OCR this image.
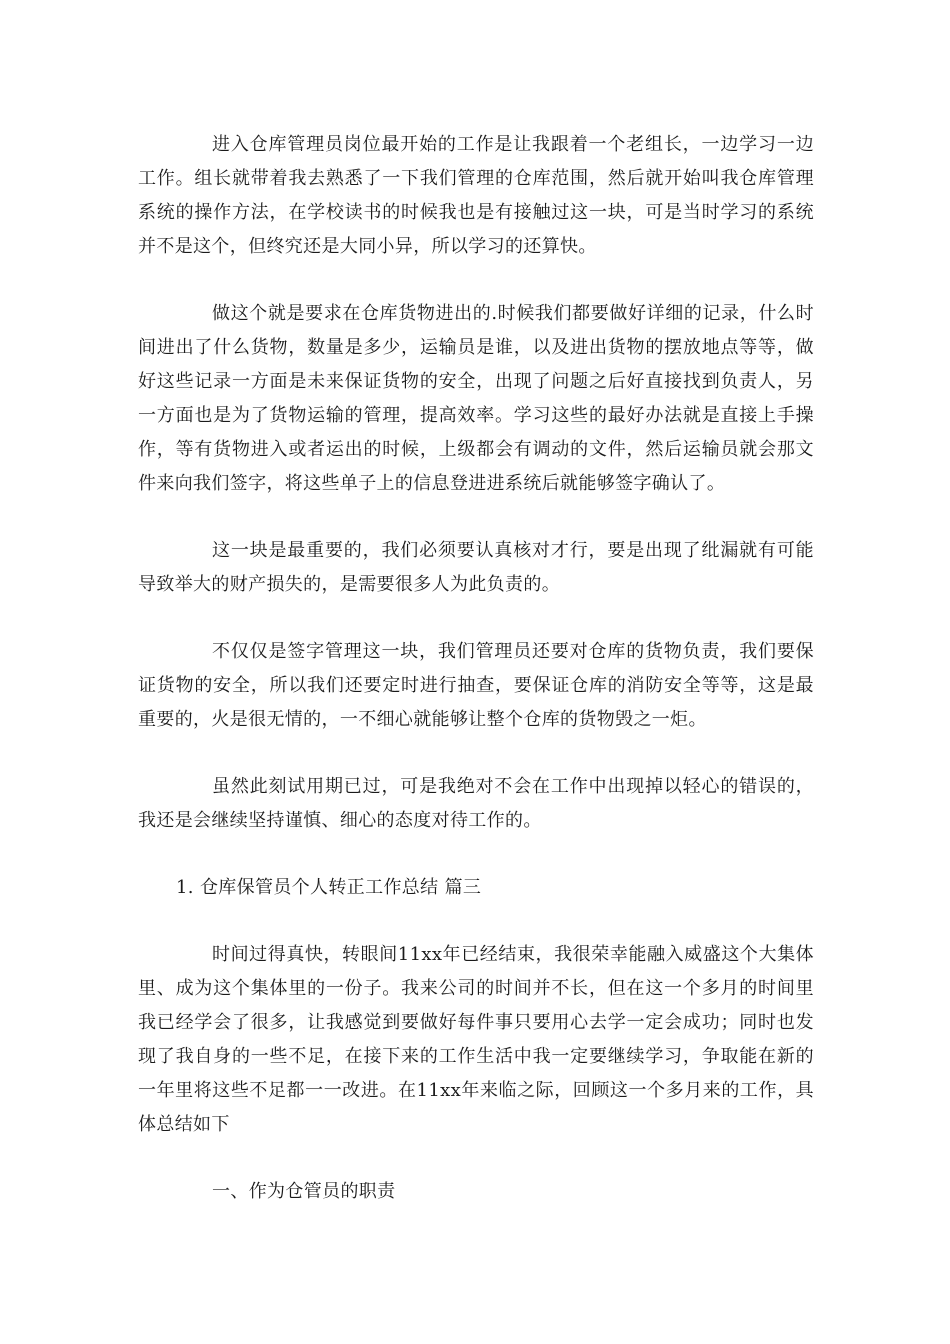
进入仓库管理员岗位最开始的工作是让我跟着一个老组长，一边学习一边工作。组长就带着我去熟悉了一下我们管理的仓库范围，然后就开始叫我仓库管理系统的操作方法，在学校读书的时候我也是有接触过这一块，可是当时学习的系统并不是这个，但终究还是大同小异，所以学习的还算快。

做这个就是要求在仓库货物进出的.时候我们都要做好详细的记录，什么时间进出了什么货物，数量是多少，运输员是谁，以及进出货物的摆放地点等等，做好这些记录一方面是未来保证货物的安全，出现了问题之后好直接找到负责人，另一方面也是为了货物运输的管理，提高效率。学习这些的最好办法就是直接上手操作，等有货物进入或者运出的时候，上级都会有调动的文件，然后运输员就会那文件来向我们签字，将这些单子上的信息登进进系统后就能够签字确认了。

这一块是最重要的，我们必须要认真核对才行，要是出现了纰漏就有可能导致举大的财产损失的，是需要很多人为此负责的。

不仅仅是签字管理这一块，我们管理员还要对仓库的货物负责，我们要保证货物的安全，所以我们还要定时进行抽查，要保证仓库的消防安全等等，这是最重要的，火是很无情的，一不细心就能够让整个仓库的货物毁之一炬。

虽然此刻试用期已过，可是我绝对不会在工作中出现掉以轻心的错误的，我还是会继续坚持谨慎、细心的态度对待工作的。

1. 仓库保管员个人转正工作总结 篇三

时间过得真快，转眼间11xx年已经结束，我很荣幸能融入威盛这个大集体里、成为这个集体里的一份子。我来公司的时间并不长，但在这一个多月的时间里我已经学会了很多，让我感觉到要做好每件事只要用心去学一定会成功；同时也发现了我自身的一些不足，在接下来的工作生活中我一定要继续学习，争取能在新的一年里将这些不足都一一改进。在11xx年来临之际，回顾这一个多月来的工作，具体总结如下

一、作为仓管员的职责
